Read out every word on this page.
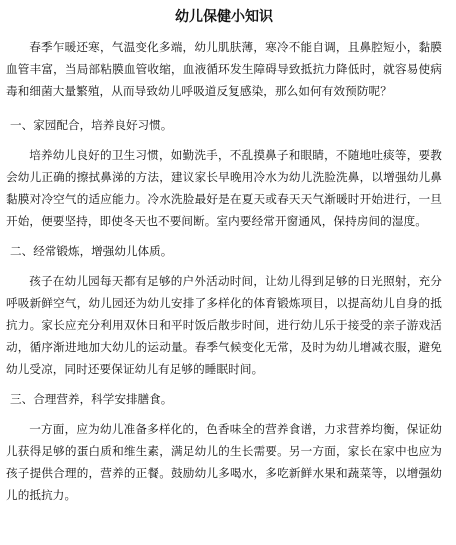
幼儿保健小知识

春季乍暖还寒，气温变化多端，幼儿肌肤薄，寒冷不能自调，且鼻腔短小，黏膜血管丰富，当局部粘膜血管收缩，血液循环发生障碍导致抵抗力降低时，就容易使病毒和细菌大量繁殖，从而导致幼儿呼吸道反复感染，那么如何有效预防呢？

一、家园配合，培养良好习惯。

培养幼儿良好的卫生习惯，如勤洗手，不乱摸鼻子和眼睛，不随地吐痰等，要教会幼儿正确的擦拭鼻涕的方法，建议家长早晚用冷水为幼儿洗脸洗鼻，以增强幼儿鼻黏膜对冷空气的适应能力。冷水洗脸最好是在夏天或春天天气渐暖时开始进行，一旦开始，便要坚持，即使冬天也不要间断。室内要经常开窗通风，保持房间的湿度。

二、经常锻炼，增强幼儿体质。

孩子在幼儿园每天都有足够的户外活动时间，让幼儿得到足够的日光照射，充分呼吸新鲜空气，幼儿园还为幼儿安排了多样化的体育锻炼项目，以提高幼儿自身的抵抗力。家长应充分利用双休日和平时饭后散步时间，进行幼儿乐于接受的亲子游戏活动，循序渐进地加大幼儿的运动量。春季气候变化无常，及时为幼儿增减衣服，避免幼儿受凉，同时还要保证幼儿有足够的睡眠时间。

三、合理营养，科学安排膳食。

一方面，应为幼儿准备多样化的，色香味全的营养食谱，力求营养均衡，保证幼儿获得足够的蛋白质和维生素，满足幼儿的生长需要。另一方面，家长在家中也应为孩子提供合理的，营养的正餐。鼓励幼儿多喝水，多吃新鲜水果和蔬菜等，以增强幼儿的抵抗力。
